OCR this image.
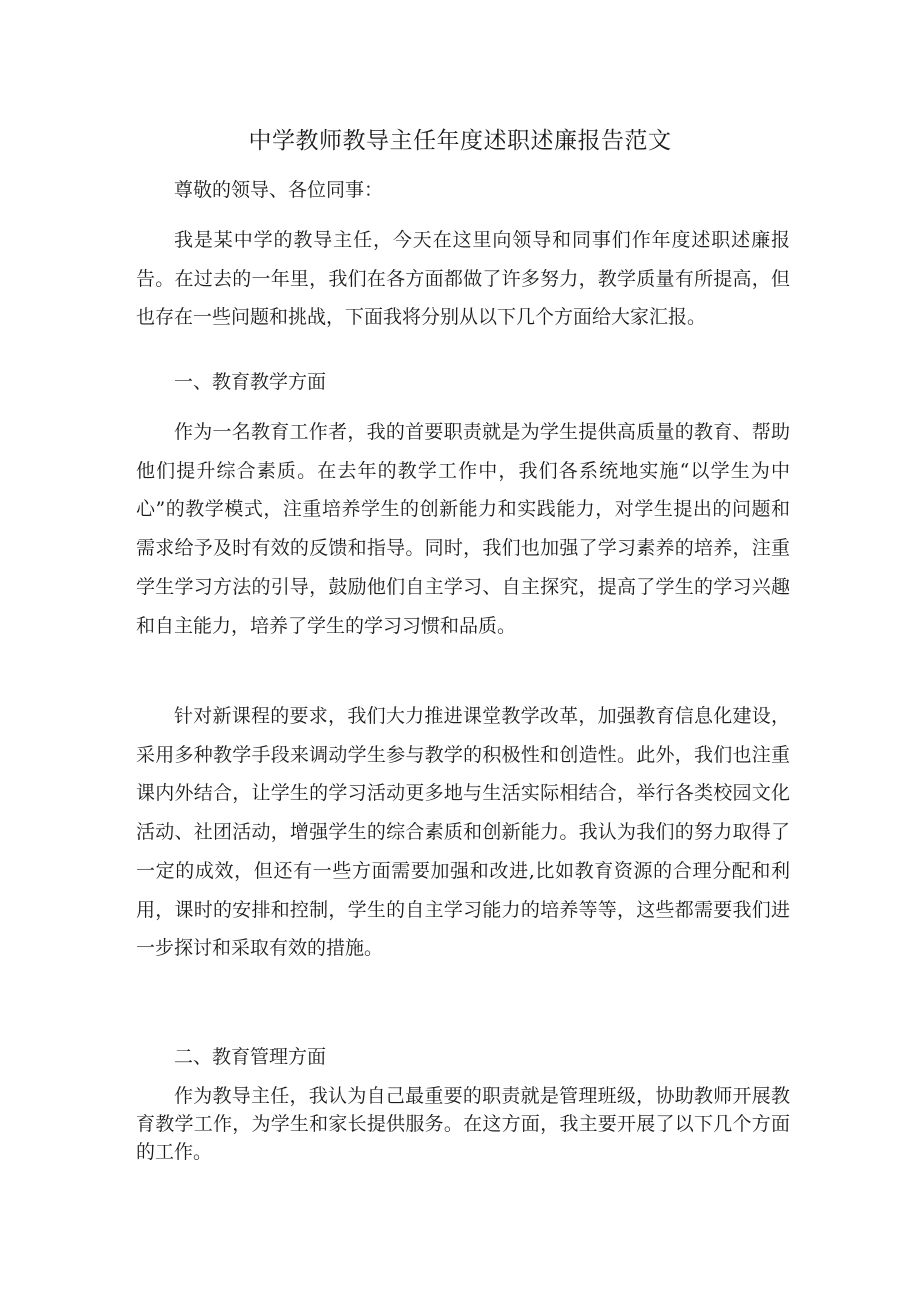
中学教师教导主任年度述职述廉报告范文

尊敬的领导、各位同事：

我是某中学的教导主任，今天在这里向领导和同事们作年度述职述廉报告。在过去的一年里，我们在各方面都做了许多努力，教学质量有所提高，但也存在一些问题和挑战，下面我将分别从以下几个方面给大家汇报。

一、教育教学方面

作为一名教育工作者，我的首要职责就是为学生提供高质量的教育、帮助他们提升综合素质。在去年的教学工作中，我们各系统地实施“以学生为中心”的教学模式，注重培养学生的创新能力和实践能力，对学生提出的问题和需求给予及时有效的反馈和指导。同时，我们也加强了学习素养的培养，注重学生学习方法的引导，鼓励他们自主学习、自主探究，提高了学生的学习兴趣和自主能力，培养了学生的学习习惯和品质。

针对新课程的要求，我们大力推进课堂教学改革，加强教育信息化建设，采用多种教学手段来调动学生参与教学的积极性和创造性。此外，我们也注重课内外结合，让学生的学习活动更多地与生活实际相结合，举行各类校园文化活动、社团活动，增强学生的综合素质和创新能力。我认为我们的努力取得了一定的成效，但还有一些方面需要加强和改进,比如教育资源的合理分配和利用，课时的安排和控制，学生的自主学习能力的培养等等，这些都需要我们进一步探讨和采取有效的措施。

二、教育管理方面

作为教导主任，我认为自己最重要的职责就是管理班级，协助教师开展教育教学工作，为学生和家长提供服务。在这方面，我主要开展了以下几个方面的工作。
